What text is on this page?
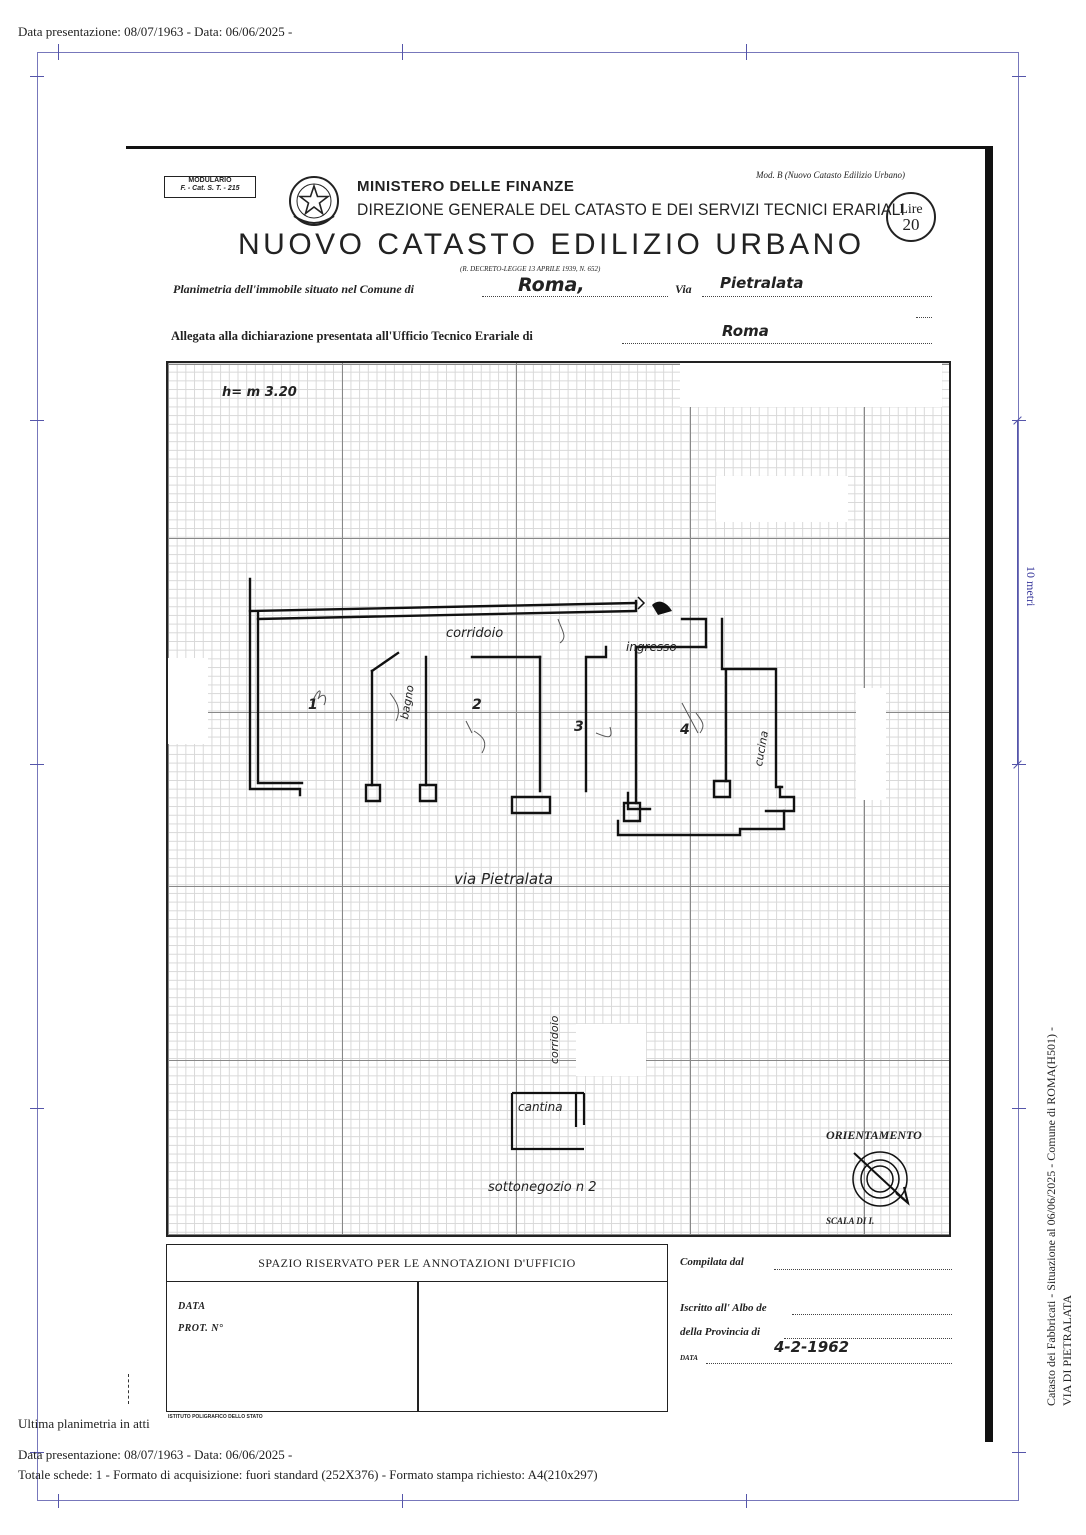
Data presentazione: 08/07/1963 - Data: 06/06/2025 -
10 metri
MODULARIO
F. - Cat. S. T. - 215	MINISTERO DELLE FINANZE
DIREZIONE GENERALE DEL CATASTO E DEI SERVIZI TECNICI ERARIALI
Mod. B (Nuovo Catasto Edilizio Urbano)
Lire
20
NUOVO CATASTO EDILIZIO URBANO
(R. DECRETO-LEGGE 13 APRILE 1939, N. 652)
Planimetria dell'immobile situato nel Comune di	Roma,	Via Pietralata
Allegata alla dichiarazione presentata all'Ufficio Tecnico Erariale di	Roma
h= m 3.20
corridoio
ingresso
1	2
3	4
bagno
cucina
via Pietralata
corridoio
cantina
sottonegozio n 2
ORIENTAMENTO
SCALA DI I.
SPAZIO RISERVATO PER LE ANNOTAZIONI D'UFFICIO
DATA
PROT. N°
Compilata dal
Iscritto all' Albo de
della Provincia di
DATA
4-2-1962
ISTITUTO POLIGRAFICO DELLO STATO
Catasto dei Fabbricati - Situazione al 06/06/2025 - Comune di ROMA(H501) - VIA DI PIETRALATA
Ultima planimetria in atti
Data presentazione: 08/07/1963 - Data: 06/06/2025 -
Totale schede: 1 - Formato di acquisizione: fuori standard (252X376) - Formato stampa richiesto: A4(210x297)
